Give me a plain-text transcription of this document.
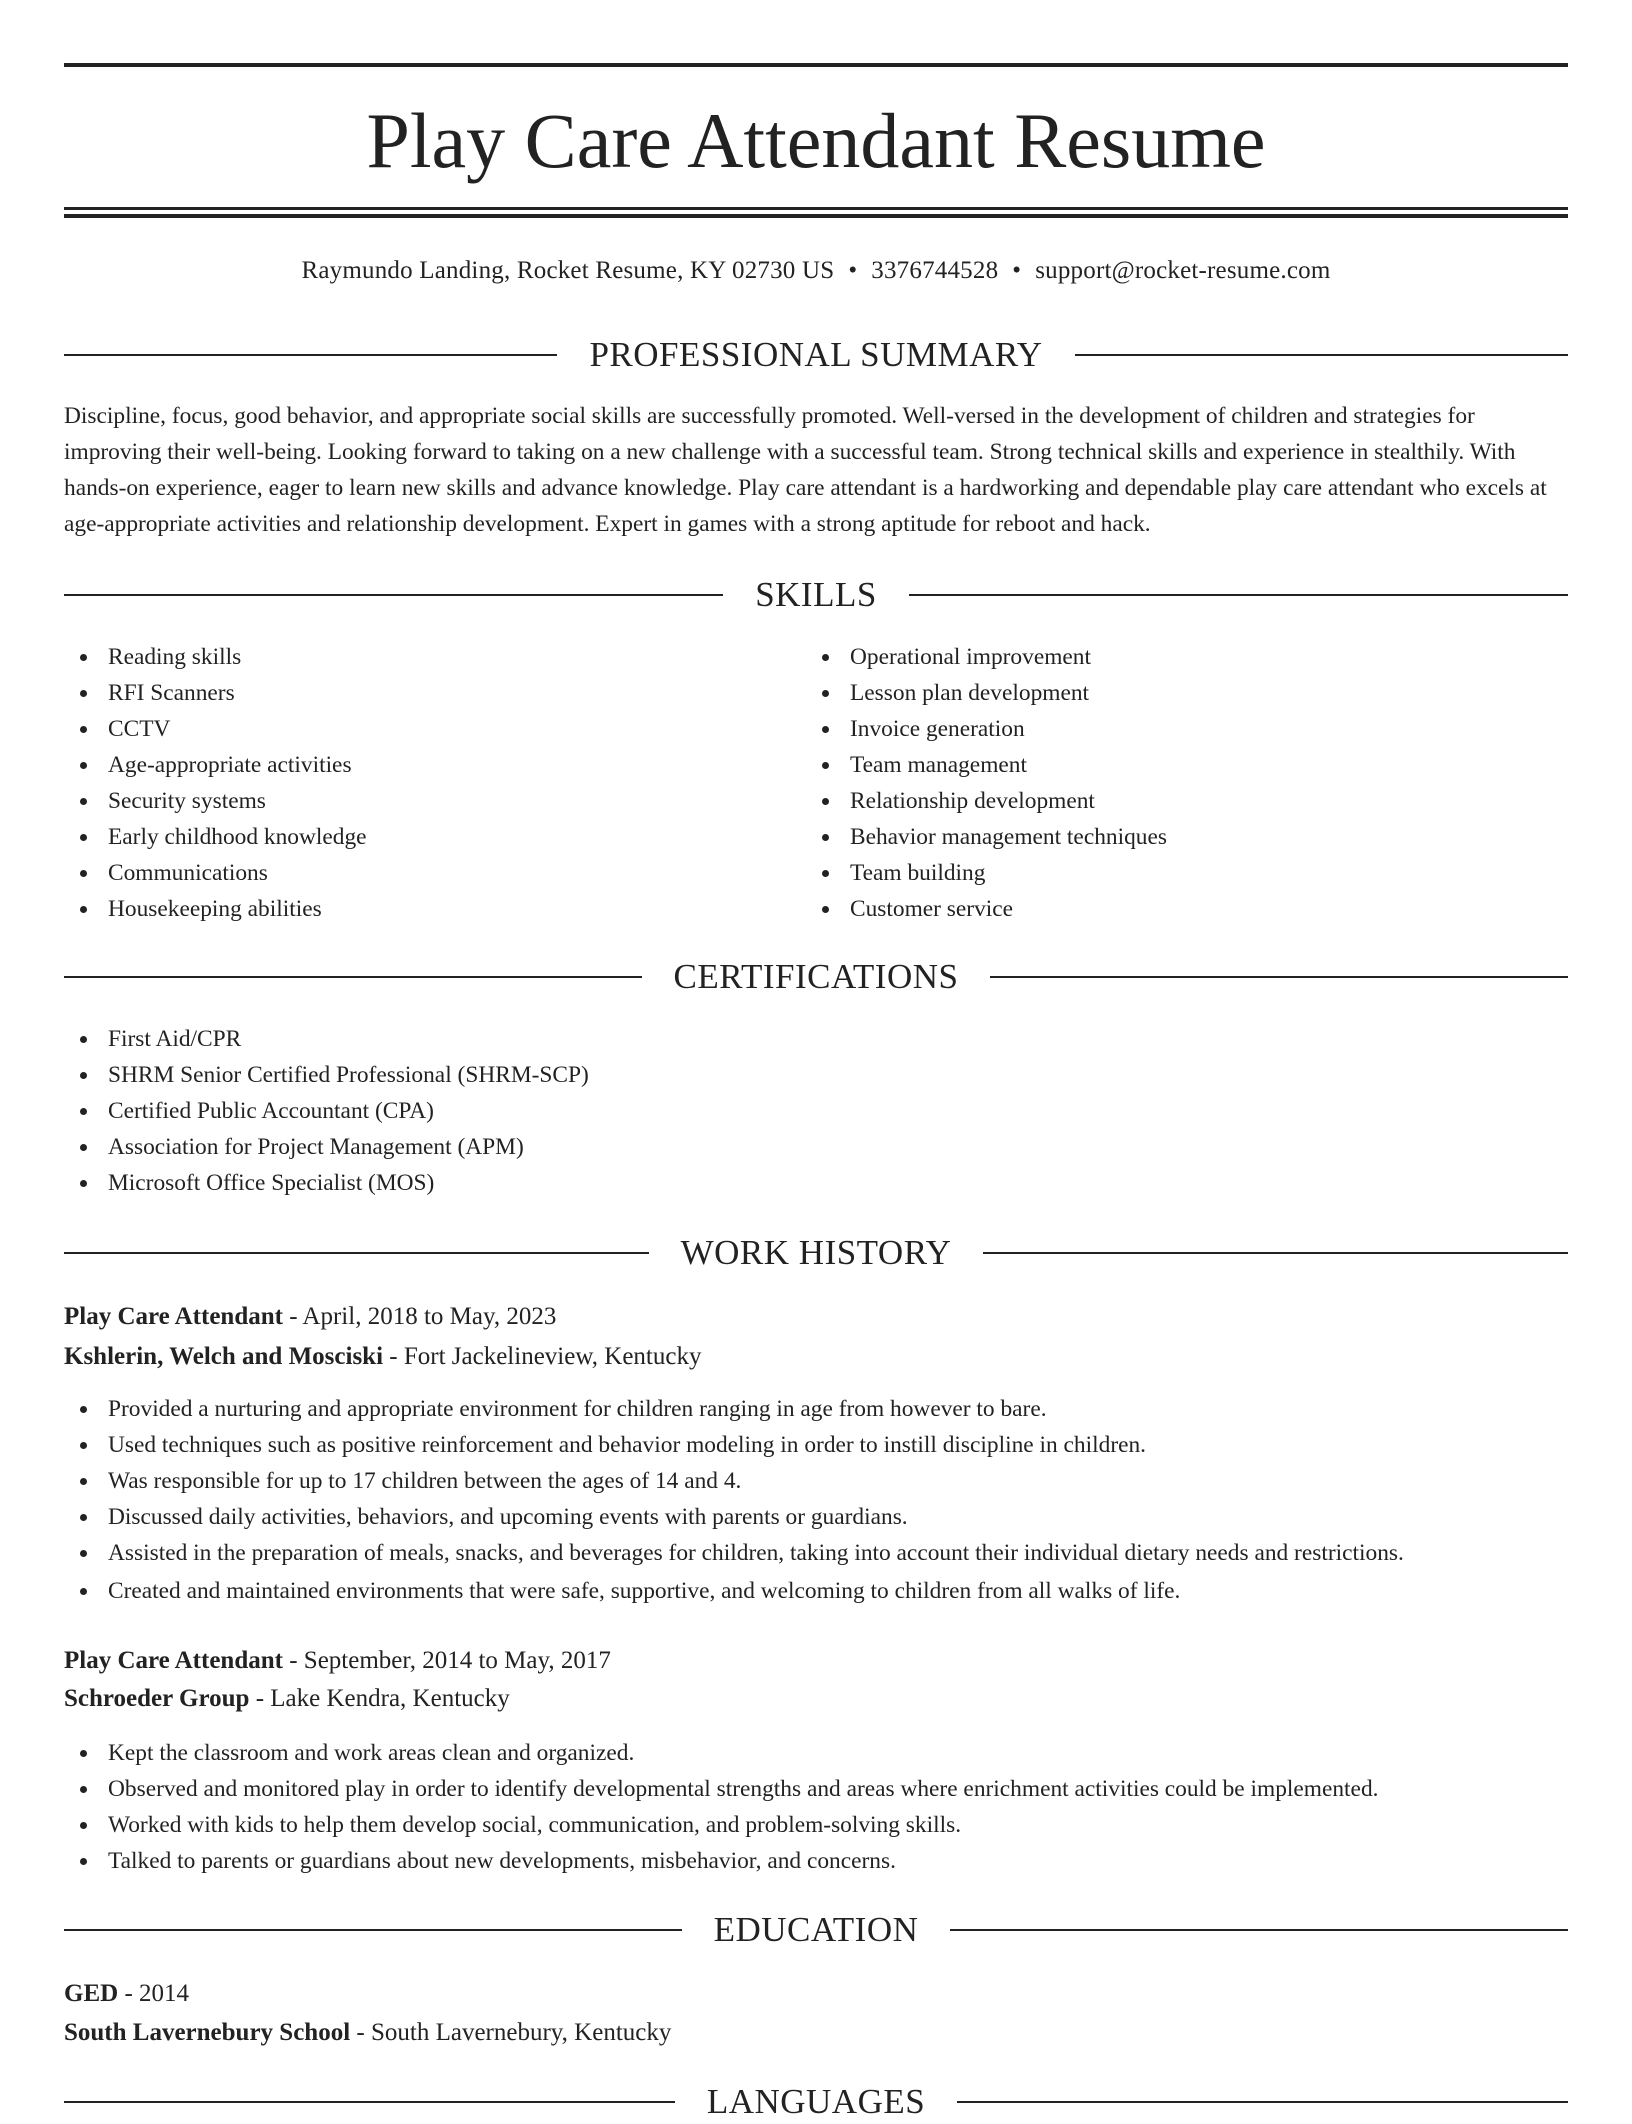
Play Care Attendant Resume
Raymundo Landing, Rocket Resume, KY 02730 US • 3376744528 • support@rocket-resume.com
PROFESSIONAL SUMMARY

Discipline, focus, good behavior, and appropriate social skills are successfully promoted. Well-versed in the development of children and strategies for improving their well-being. Looking forward to taking on a new challenge with a successful team. Strong technical skills and experience in stealthily. With hands-on experience, eager to learn new skills and advance knowledge. Play care attendant is a hardworking and dependable play care attendant who excels at age-appropriate activities and relationship development. Expert in games with a strong aptitude for reboot and hack.

SKILLS
Reading skills
RFI Scanners
CCTV
Age-appropriate activities
Security systems
Early childhood knowledge
Communications
Housekeeping abilities
Operational improvement
Lesson plan development
Invoice generation
Team management
Relationship development
Behavior management techniques
Team building
Customer service
CERTIFICATIONS
First Aid/CPR
SHRM Senior Certified Professional (SHRM-SCP)
Certified Public Accountant (CPA)
Association for Project Management (APM)
Microsoft Office Specialist (MOS)
WORK HISTORY
Play Care Attendant - April, 2018 to May, 2023
Kshlerin, Welch and Mosciski - Fort Jackelineview, Kentucky
Provided a nurturing and appropriate environment for children ranging in age from however to bare.
Used techniques such as positive reinforcement and behavior modeling in order to instill discipline in children.
Was responsible for up to 17 children between the ages of 14 and 4.
Discussed daily activities, behaviors, and upcoming events with parents or guardians.
Assisted in the preparation of meals, snacks, and beverages for children, taking into account their individual dietary needs and restrictions.
Created and maintained environments that were safe, supportive, and welcoming to children from all walks of life.
Play Care Attendant - September, 2014 to May, 2017
Schroeder Group - Lake Kendra, Kentucky
Kept the classroom and work areas clean and organized.
Observed and monitored play in order to identify developmental strengths and areas where enrichment activities could be implemented.
Worked with kids to help them develop social, communication, and problem-solving skills.
Talked to parents or guardians about new developments, misbehavior, and concerns.
EDUCATION
GED - 2014
South Lavernebury School - South Lavernebury, Kentucky
LANGUAGES
